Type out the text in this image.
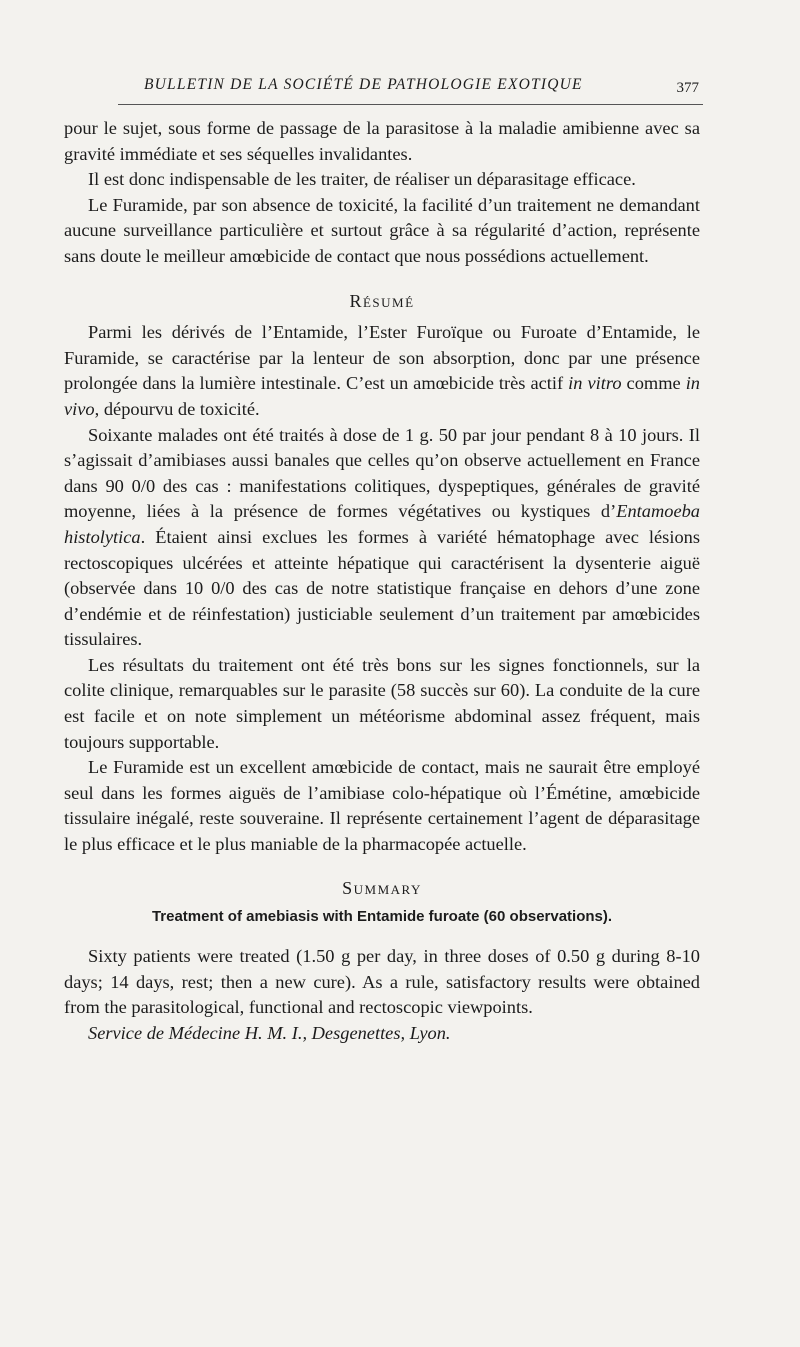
BULLETIN DE LA SOCIÉTÉ DE PATHOLOGIE EXOTIQUE	377

pour le sujet, sous forme de passage de la parasitose à la maladie amibienne avec sa gravité immédiate et ses séquelles invalidantes.

Il est donc indispensable de les traiter, de réaliser un déparasitage efficace.

Le Furamide, par son absence de toxicité, la facilité d’un traitement ne demandant aucune surveillance particulière et surtout grâce à sa régularité d’action, représente sans doute le meilleur amœbicide de contact que nous possédions actuellement.

Résumé

Parmi les dérivés de l’Entamide, l’Ester Furoïque ou Furoate d’Entamide, le Furamide, se caractérise par la lenteur de son absorption, donc par une présence prolongée dans la lumière intestinale. C’est un amœbicide très actif in vitro comme in vivo, dépourvu de toxicité.

Soixante malades ont été traités à dose de 1 g. 50 par jour pendant 8 à 10 jours. Il s’agissait d’amibiases aussi banales que celles qu’on observe actuellement en France dans 90 0/0 des cas : manifestations colitiques, dyspeptiques, générales de gravité moyenne, liées à la présence de formes végétatives ou kystiques d’Entamoeba histolytica. Étaient ainsi exclues les formes à variété hématophage avec lésions rectoscopiques ulcérées et atteinte hépatique qui caractérisent la dysenterie aiguë (observée dans 10 0/0 des cas de notre statistique française en dehors d’une zone d’endémie et de réinfestation) justiciable seulement d’un traitement par amœbicides tissulaires.

Les résultats du traitement ont été très bons sur les signes fonctionnels, sur la colite clinique, remarquables sur le parasite (58 succès sur 60). La conduite de la cure est facile et on note simplement un météorisme abdominal assez fréquent, mais toujours supportable.

Le Furamide est un excellent amœbicide de contact, mais ne saurait être employé seul dans les formes aiguës de l’amibiase colo-hépatique où l’Émétine, amœbicide tissulaire inégalé, reste souveraine. Il représente certainement l’agent de déparasitage le plus efficace et le plus maniable de la pharmacopée actuelle.

Summary
Treatment of amebiasis with Entamide furoate (60 observations).

Sixty patients were treated (1.50 g per day, in three doses of 0.50 g during 8-10 days; 14 days, rest; then a new cure). As a rule, satisfactory results were obtained from the parasitological, functional and rectoscopic viewpoints.

Service de Médecine H. M. I., Desgenettes, Lyon.
